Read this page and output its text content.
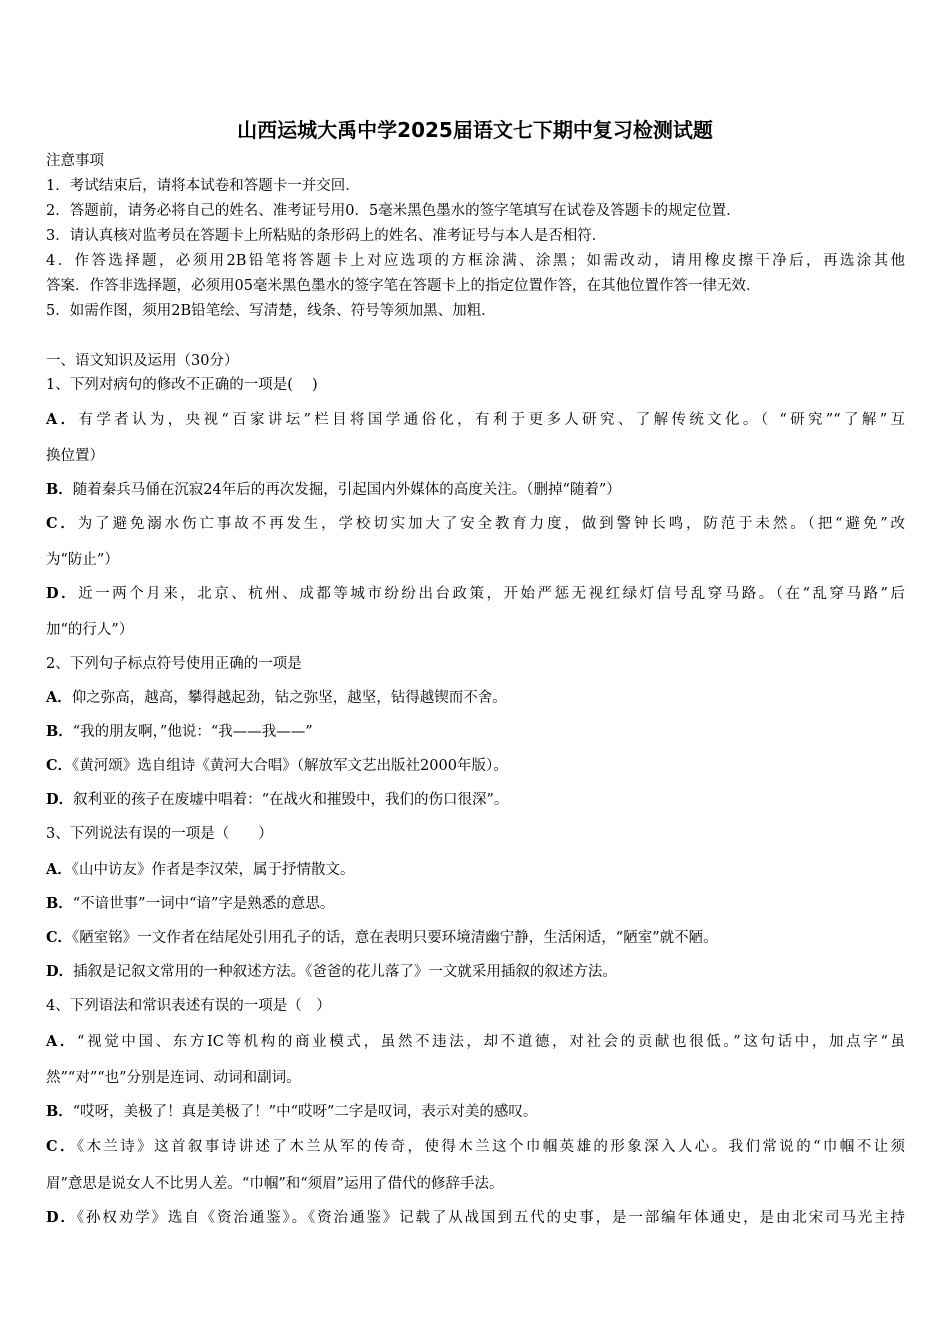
山西运城大禹中学2025届语文七下期中复习检测试题
注意事项
1．考试结束后，请将本试卷和答题卡一并交回．
2．答题前，请务必将自己的姓名、准考证号用0．5毫米黑色墨水的签字笔填写在试卷及答题卡的规定位置．
3．请认真核对监考员在答题卡上所粘贴的条形码上的姓名、准考证号与本人是否相符．
4．作答选择题，必须用2B铅笔将答题卡上对应选项的方框涂满、涂黑；如需改动，请用橡皮擦干净后，再选涂其他
答案．作答非选择题，必须用05毫米黑色墨水的签字笔在答题卡上的指定位置作答，在其他位置作答一律无效．
5．如需作图，须用2B铅笔绘、写清楚，线条、符号等须加黑、加粗．
一、语文知识及运用（30分）
1、下列对病句的修改不正确的一项是(　 )
A．有学者认为，央视“百家讲坛”栏目将国学通俗化，有利于更多人研究、了解传统文化。（ “研究”“了解”互
换位置）
B．随着秦兵马俑在沉寂24年后的再次发掘，引起国内外媒体的高度关注。（删掉“随着”）
C．为了避免溺水伤亡事故不再发生，学校切实加大了安全教育力度，做到警钟长鸣，防范于未然。（把“避免”改
为“防止”）
D．近一两个月来，北京、杭州、成都等城市纷纷出台政策，开始严惩无视红绿灯信号乱穿马路。（在“乱穿马路”后
加“的行人”）
2、下列句子标点符号使用正确的一项是
A．仰之弥高，越高，攀得越起劲，钻之弥坚，越坚，钻得越锲而不舍。
B．“我的朋友啊，”他说：“我——我——”
C．《黄河颂》选自组诗《黄河大合唱》（解放军文艺出版社2000年版）。
D．叙利亚的孩子在废墟中唱着：“在战火和摧毁中，我们的伤口很深”。
3、下列说法有误的一项是（　　）
A．《山中访友》作者是李汉荣，属于抒情散文。
B．“不谙世事”一词中“谙”字是熟悉的意思。
C．《陋室铭》一文作者在结尾处引用孔子的话，意在表明只要环境清幽宁静，生活闲适，“陋室”就不陋。
D．插叙是记叙文常用的一种叙述方法。《爸爸的花儿落了》一文就采用插叙的叙述方法。
4、下列语法和常识表述有误的一项是（　）
A．“视觉中国、东方IC等机构的商业模式，虽然不违法，却不道德，对社会的贡献也很低。”这句话中，加点字“虽
然”“对”“也”分别是连词、动词和副词。
B．“哎呀，美极了！真是美极了！”中“哎呀”二字是叹词，表示对美的感叹。
C．《木兰诗》这首叙事诗讲述了木兰从军的传奇，使得木兰这个巾帼英雄的形象深入人心。我们常说的“巾帼不让须
眉”意思是说女人不比男人差。“巾帼”和“须眉”运用了借代的修辞手法。
D．《孙权劝学》选自《资治通鉴》。《资治通鉴》记载了从战国到五代的史事，是一部编年体通史，是由北宋司马光主持
